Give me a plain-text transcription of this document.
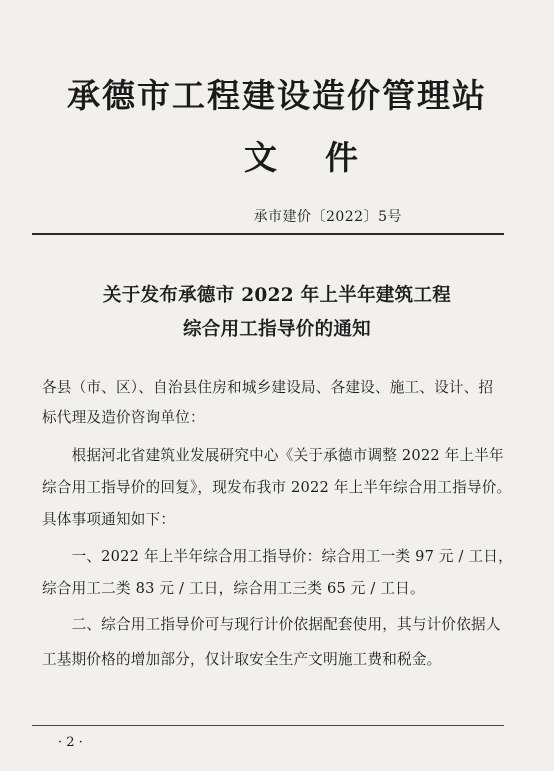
承德市工程建设造价管理站
文件
承市建价〔2022〕5号
关于发布承德市 2022 年上半年建筑工程
综合用工指导价的通知
各县（市、区）、自治县住房和城乡建设局、各建设、施工、设计、招
标代理及造价咨询单位：
　　根据河北省建筑业发展研究中心《关于承德市调整 2022 年上半年
综合用工指导价的回复》，现发布我市 2022 年上半年综合用工指导价。
具体事项通知如下：
　　一、2022 年上半年综合用工指导价：综合用工一类 97 元 / 工日，
综合用工二类 83 元 / 工日，综合用工三类 65 元 / 工日。
　　二、综合用工指导价可与现行计价依据配套使用，其与计价依据人
工基期价格的增加部分，仅计取安全生产文明施工费和税金。
· 2 ·
